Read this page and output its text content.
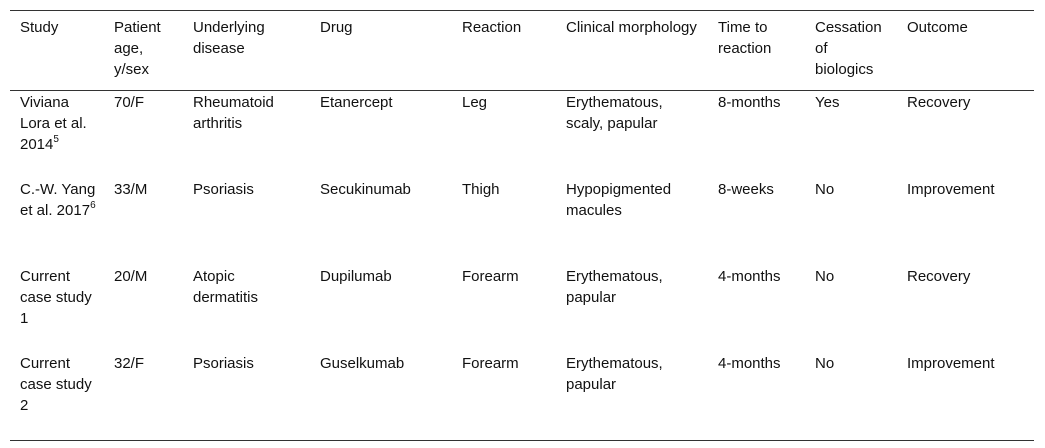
Study	Patient age, y/sex	Underlying disease	Drug	Reaction	Clinical morphology	Time to reaction	Cessation of biologics	Outcome
Viviana Lora et al. 2014$^5$	70/F	Rheumatoid arthritis	Etanercept	Leg	Erythematous, scaly, papular	8-months	Yes	Recovery
C.-W. Yang et al. 2017$^6$	33/M	Psoriasis	Secukinumab	Thigh	Hypopigmented macules	8-weeks	No	Improvement
Current case study 1	20/M	Atopic dermatitis	Dupilumab	Forearm	Erythematous, papular	4-months	No	Recovery
Current case study 2	32/F	Psoriasis	Guselkumab	Forearm	Erythematous, papular	4-months	No	Improvement
